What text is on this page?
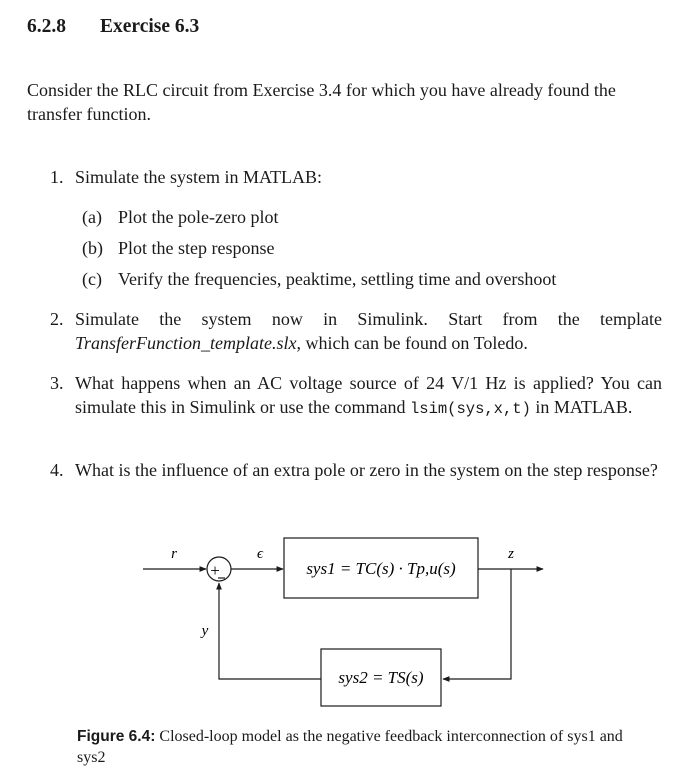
6.2.8 Exercise 6.3
Consider the RLC circuit from Exercise 3.4 for which you have already found the transfer function.
1. Simulate the system in MATLAB:
(a) Plot the pole-zero plot
(b) Plot the step response
(c) Verify the frequencies, peaktime, settling time and overshoot
2. Simulate the system now in Simulink. Start from the template TransferFunction_template.slx, which can be found on Toledo.
3. What happens when an AC voltage source of 24 V/1 Hz is applied? You can simulate this in Simulink or use the command lsim(sys,x,t) in MATLAB.
4. What is the influence of an extra pole or zero in the system on the step response?
r
+
ϵ
sys1 = TC(s) · Tp,u(s)
z
sys2 = TS(s)
y
Figure 6.4: Closed-loop model as the negative feedback interconnection of sys1 and sys2
